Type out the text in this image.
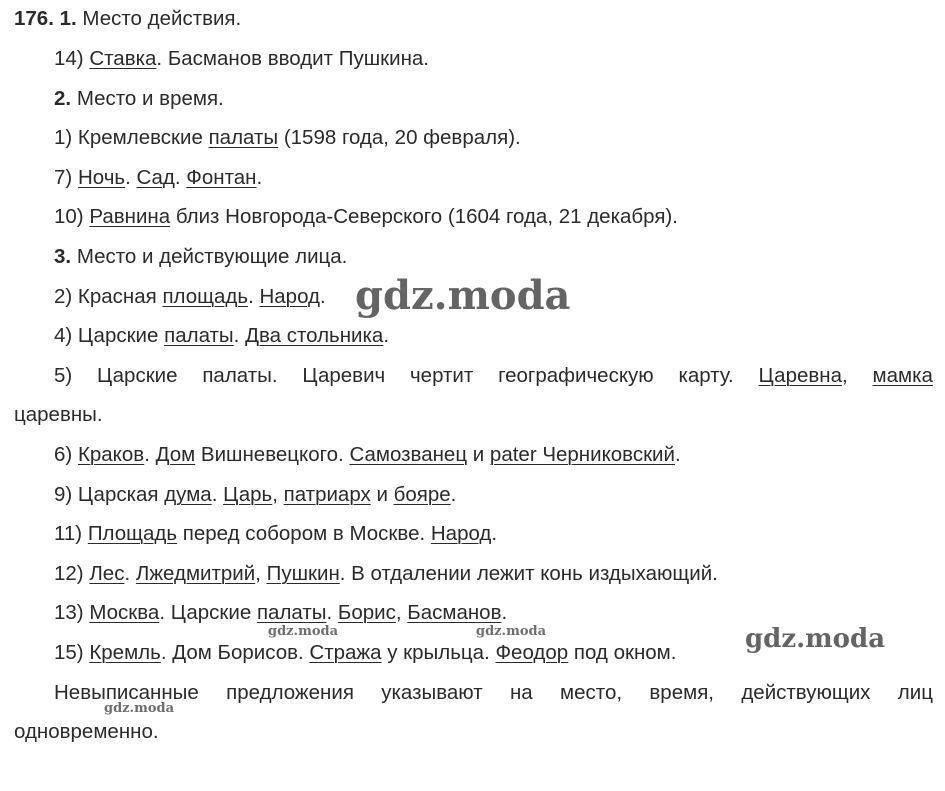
176. 1. Место действия.
14) Ставка. Басманов вводит Пушкина.
2. Место и время.
1) Кремлевские палаты (1598 года, 20 февраля).
7) Ночь. Сад. Фонтан.
10) Равнина близ Новгорода-Северского (1604 года, 21 декабря).
3. Место и действующие лица.
2) Красная площадь. Народ.
4) Царские палаты. Два стольника.
5) Царские палаты. Царевич чертит географическую карту. Царевна, мамка
царевны.
6) Краков. Дом Вишневецкого. Самозванец и pater Черниковский.
9) Царская дума. Царь, патриарх и бояре.
11) Площадь перед собором в Москве. Народ.
12) Лес. Лжедмитрий, Пушкин. В отдалении лежит конь издыхающий.
13) Москва. Царские палаты. Борис, Басманов.
15) Кремль. Дом Борисов. Стража у крыльца. Феодор под окном.
Невыписанные предложения указывают на место, время, действующих лиц
одновременно.
gdz.moda
gdz.moda
gdz.moda	gdz.moda
gdz.moda
